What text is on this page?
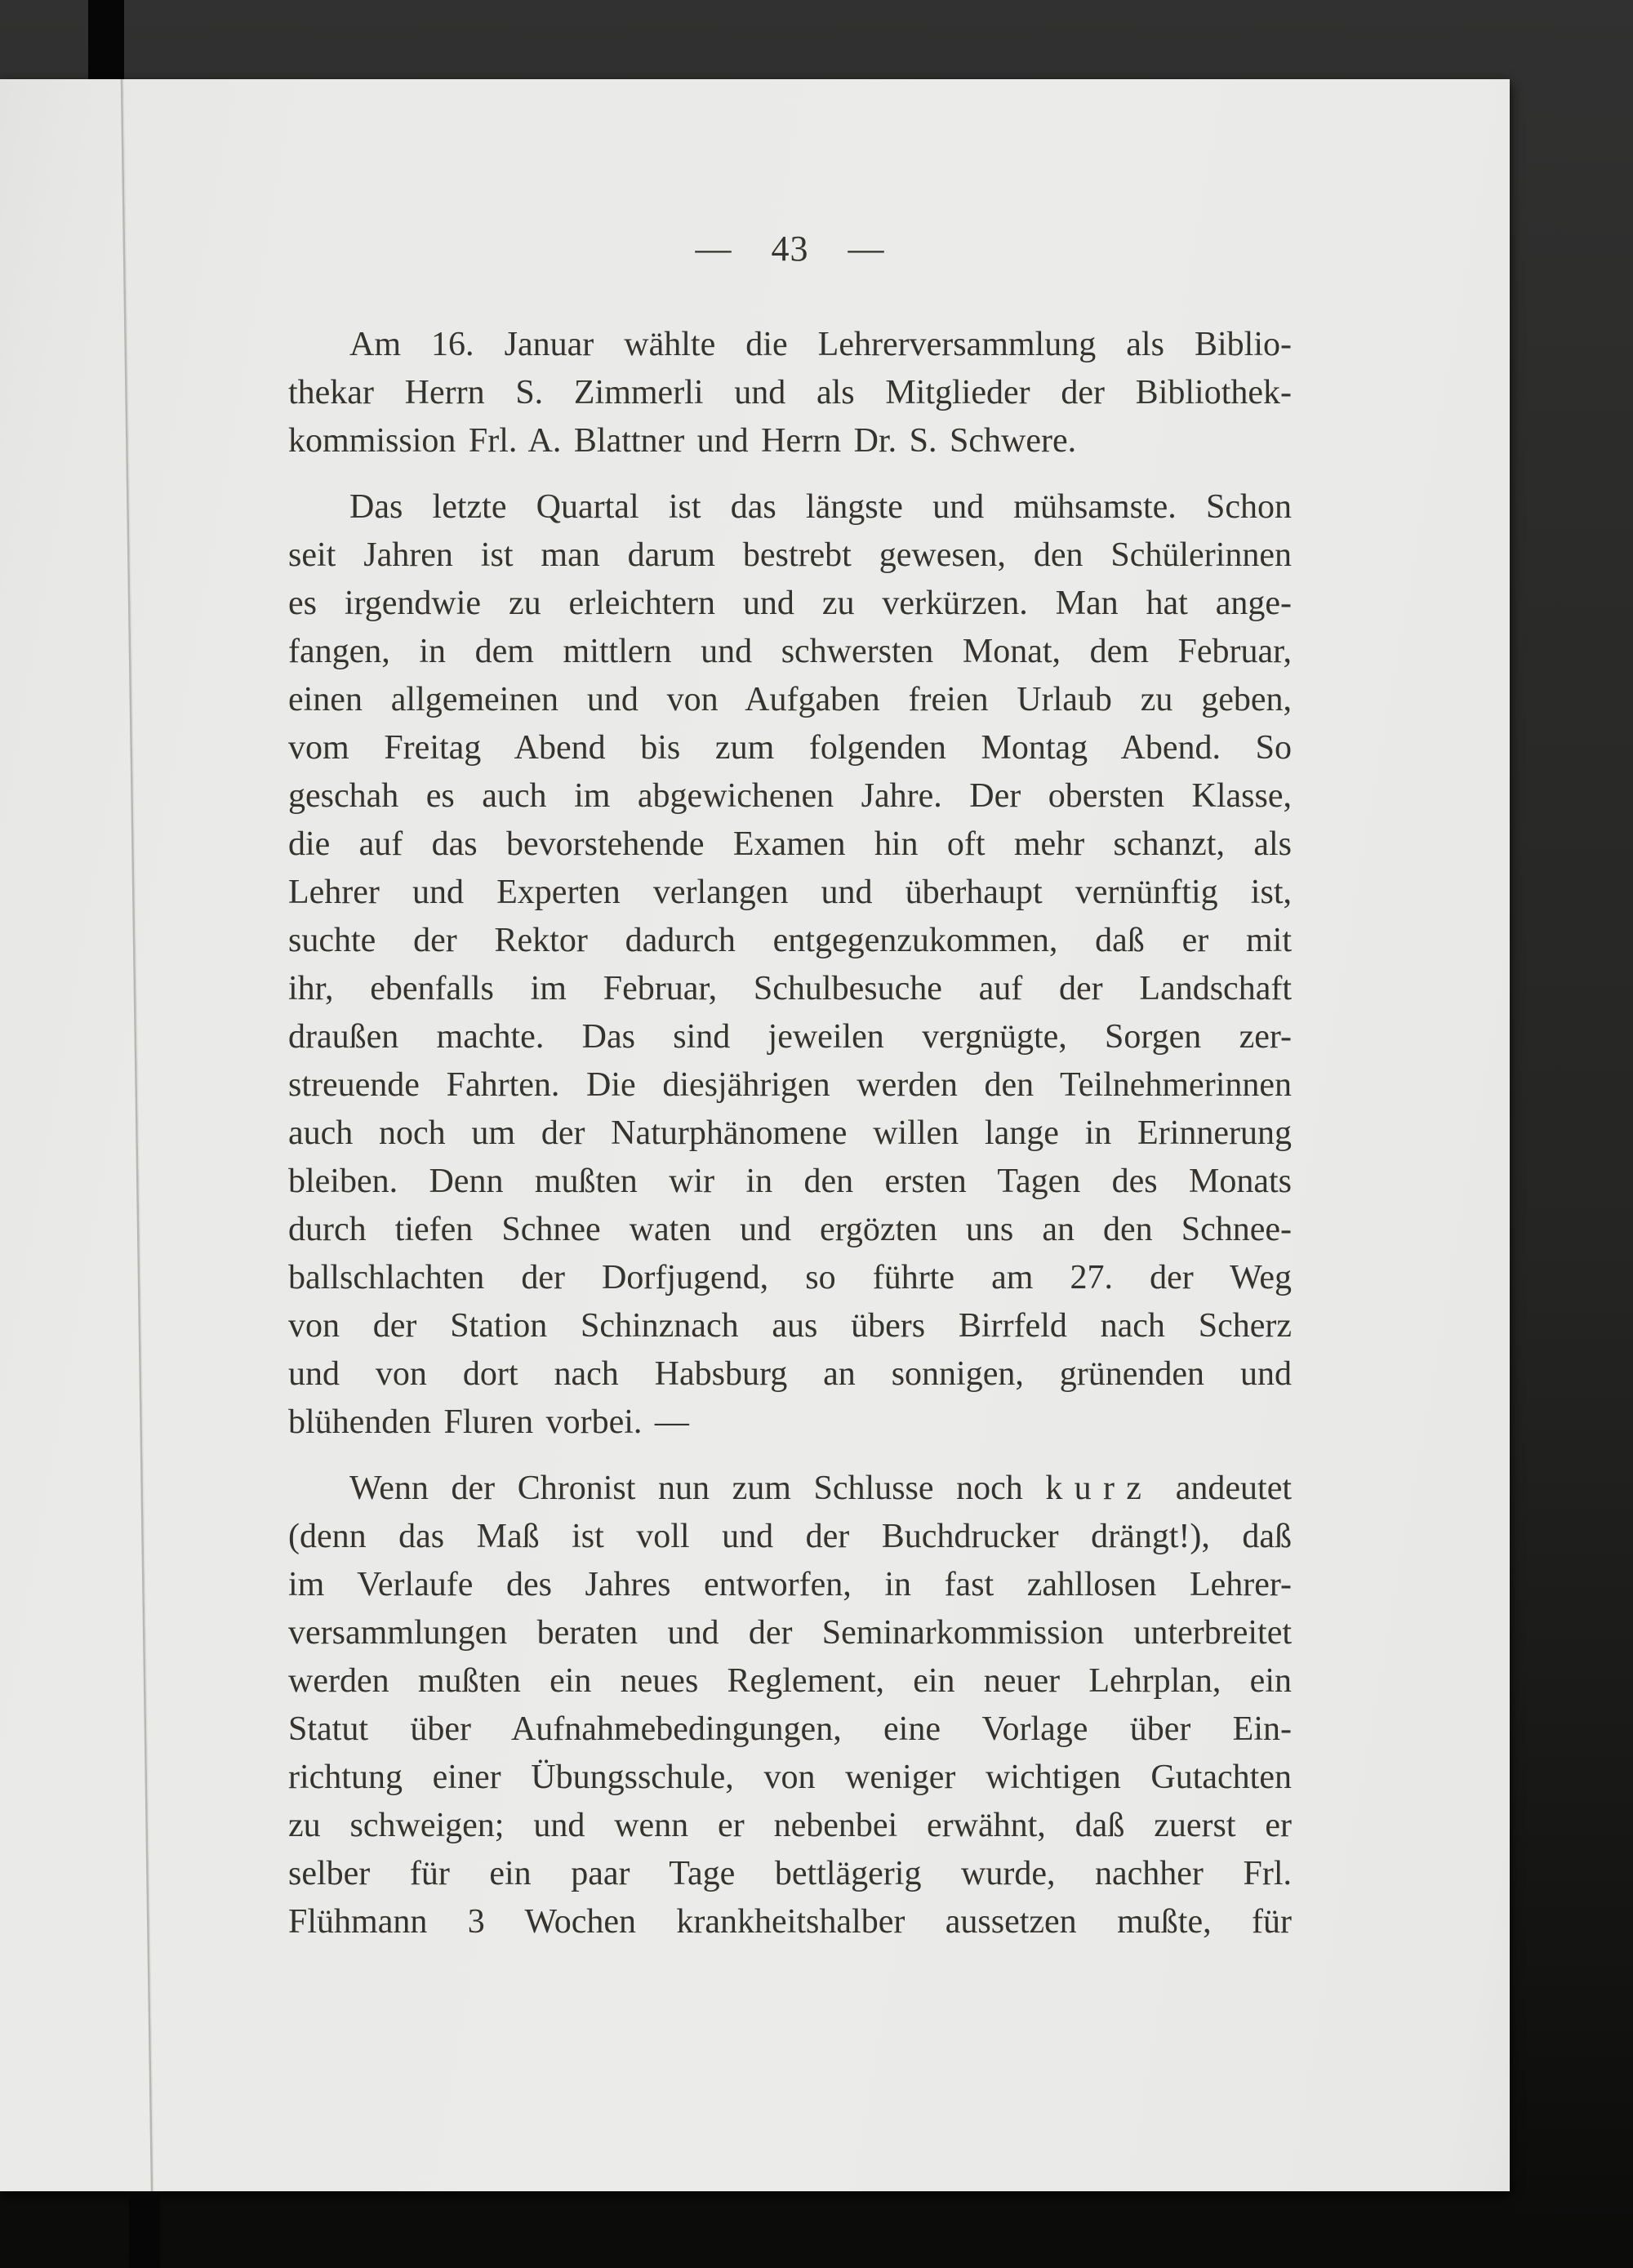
— 43 —
Am 16. Januar wählte die Lehrerversammlung als Biblio-
thekar Herrn S. Zimmerli und als Mitglieder der Bibliothek-
kommission Frl. A. Blattner und Herrn Dr. S. Schwere.
Das letzte Quartal ist das längste und mühsamste. Schon
seit Jahren ist man darum bestrebt gewesen, den Schülerinnen
es irgendwie zu erleichtern und zu verkürzen. Man hat ange-
fangen, in dem mittlern und schwersten Monat, dem Februar,
einen allgemeinen und von Aufgaben freien Urlaub zu geben,
vom Freitag Abend bis zum folgenden Montag Abend. So
geschah es auch im abgewichenen Jahre. Der obersten Klasse,
die auf das bevorstehende Examen hin oft mehr schanzt, als
Lehrer und Experten verlangen und überhaupt vernünftig ist,
suchte der Rektor dadurch entgegenzukommen, daß er mit
ihr, ebenfalls im Februar, Schulbesuche auf der Landschaft
draußen machte. Das sind jeweilen vergnügte, Sorgen zer-
streuende Fahrten. Die diesjährigen werden den Teilnehmerinnen
auch noch um der Naturphänomene willen lange in Erinnerung
bleiben. Denn mußten wir in den ersten Tagen des Monats
durch tiefen Schnee waten und ergözten uns an den Schnee-
ballschlachten der Dorfjugend, so führte am 27. der Weg
von der Station Schinznach aus übers Birrfeld nach Scherz
und von dort nach Habsburg an sonnigen, grünenden und
blühenden Fluren vorbei. —
Wenn der Chronist nun zum Schlusse noch kurz andeutet
(denn das Maß ist voll und der Buchdrucker drängt!), daß
im Verlaufe des Jahres entworfen, in fast zahllosen Lehrer-
versammlungen beraten und der Seminarkommission unterbreitet
werden mußten ein neues Reglement, ein neuer Lehrplan, ein
Statut über Aufnahmebedingungen, eine Vorlage über Ein-
richtung einer Übungsschule, von weniger wichtigen Gutachten
zu schweigen; und wenn er nebenbei erwähnt, daß zuerst er
selber für ein paar Tage bettlägerig wurde, nachher Frl.
Flühmann 3 Wochen krankheitshalber aussetzen mußte, für
